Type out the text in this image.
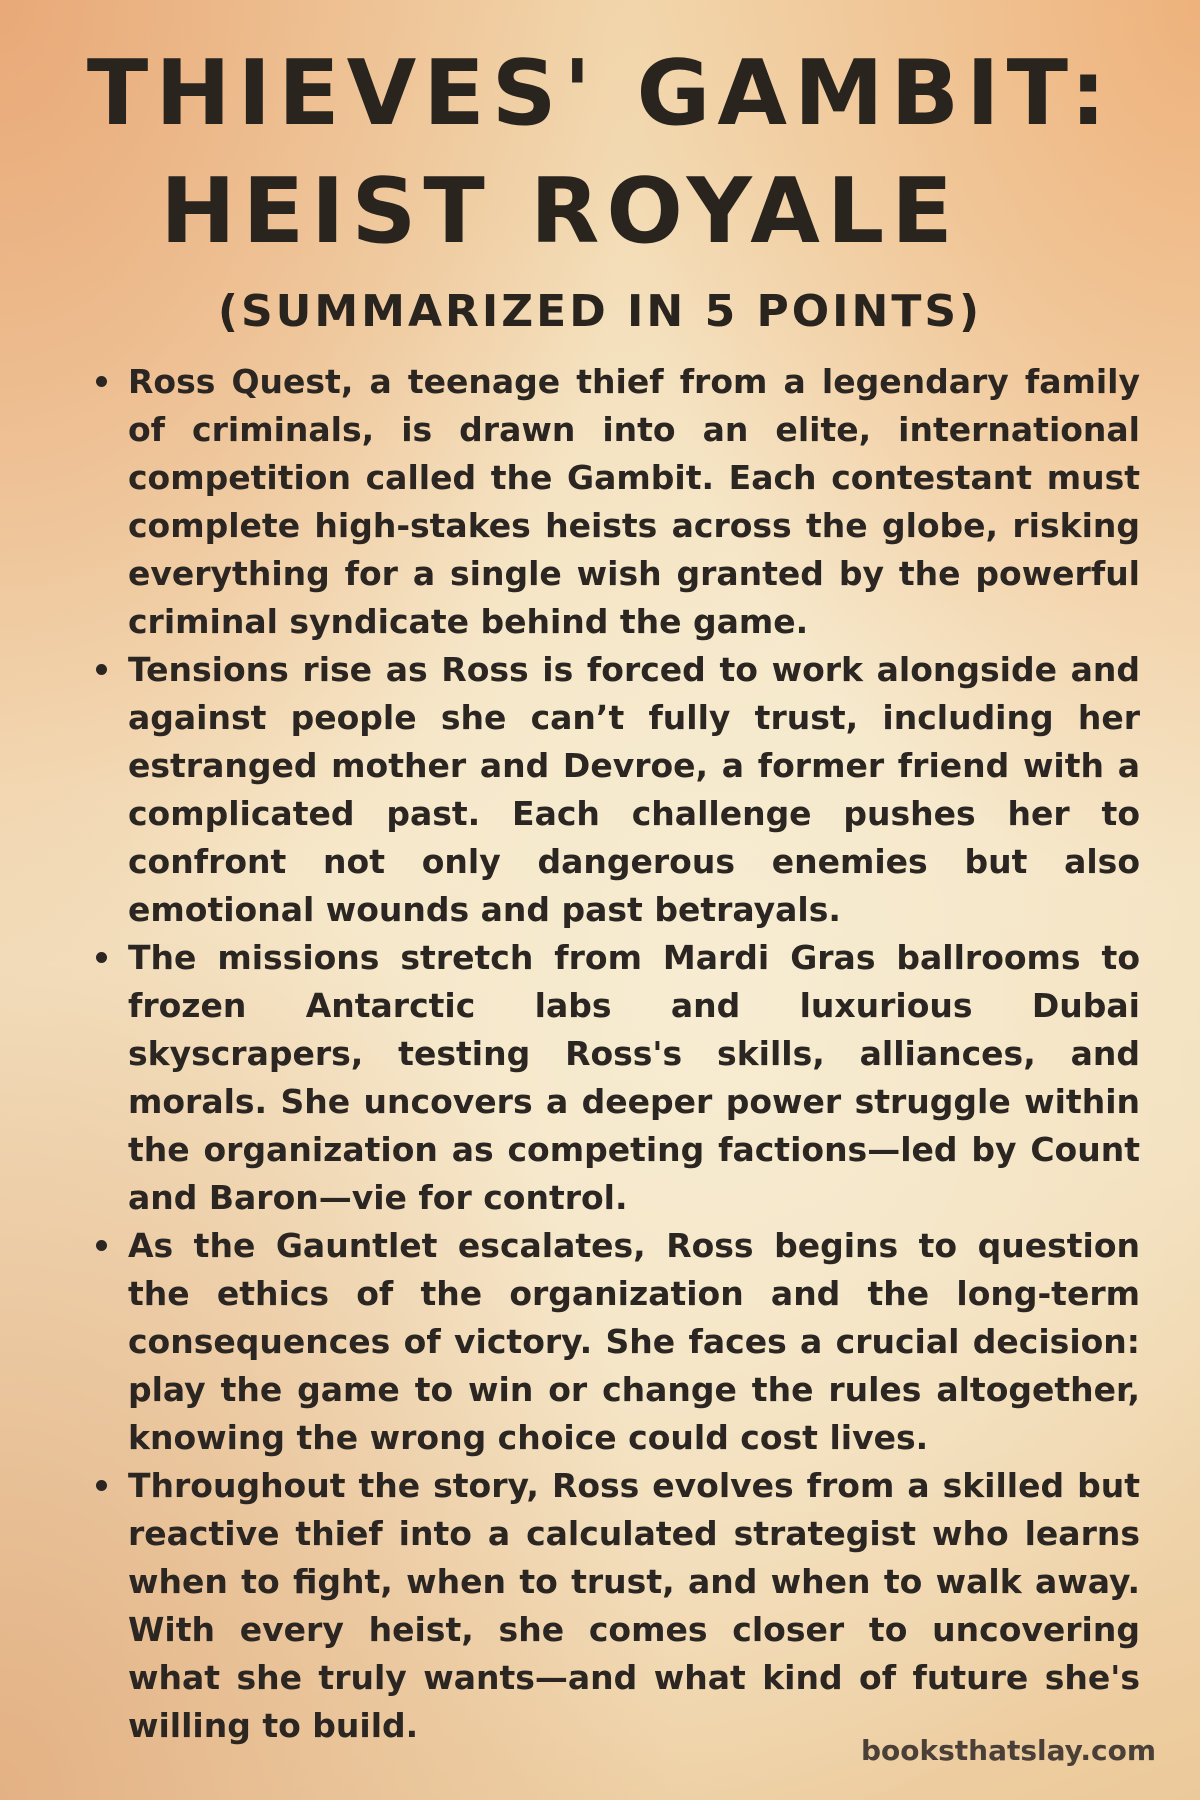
THIEVES' GAMBIT:
HEIST ROYALE
(SUMMARIZED IN 5 POINTS)
Ross Quest, a teenage thief from a legendary family of criminals, is drawn into an elite, international competition called the Gambit. Each contestant must complete high-stakes heists across the globe, risking everything for a single wish granted by the powerful criminal syndicate behind the game.
Tensions rise as Ross is forced to work alongside and against people she can’t fully trust, including her estranged mother and Devroe, a former friend with a complicated past. Each challenge pushes her to confront not only dangerous enemies but also emotional wounds and past betrayals.
The missions stretch from Mardi Gras ballrooms to frozen Antarctic labs and luxurious Dubai skyscrapers, testing Ross's skills, alliances, and morals. She uncovers a deeper power struggle within the organization as competing factions—led by Count and Baron—vie for control.
As the Gauntlet escalates, Ross begins to question the ethics of the organization and the long-term consequences of victory. She faces a crucial decision: play the game to win or change the rules altogether, knowing the wrong choice could cost lives.
Throughout the story, Ross evolves from a skilled but reactive thief into a calculated strategist who learns when to fight, when to trust, and when to walk away. With every heist, she comes closer to uncovering what she truly wants—and what kind of future she's willing to build.

booksthatslay.com
